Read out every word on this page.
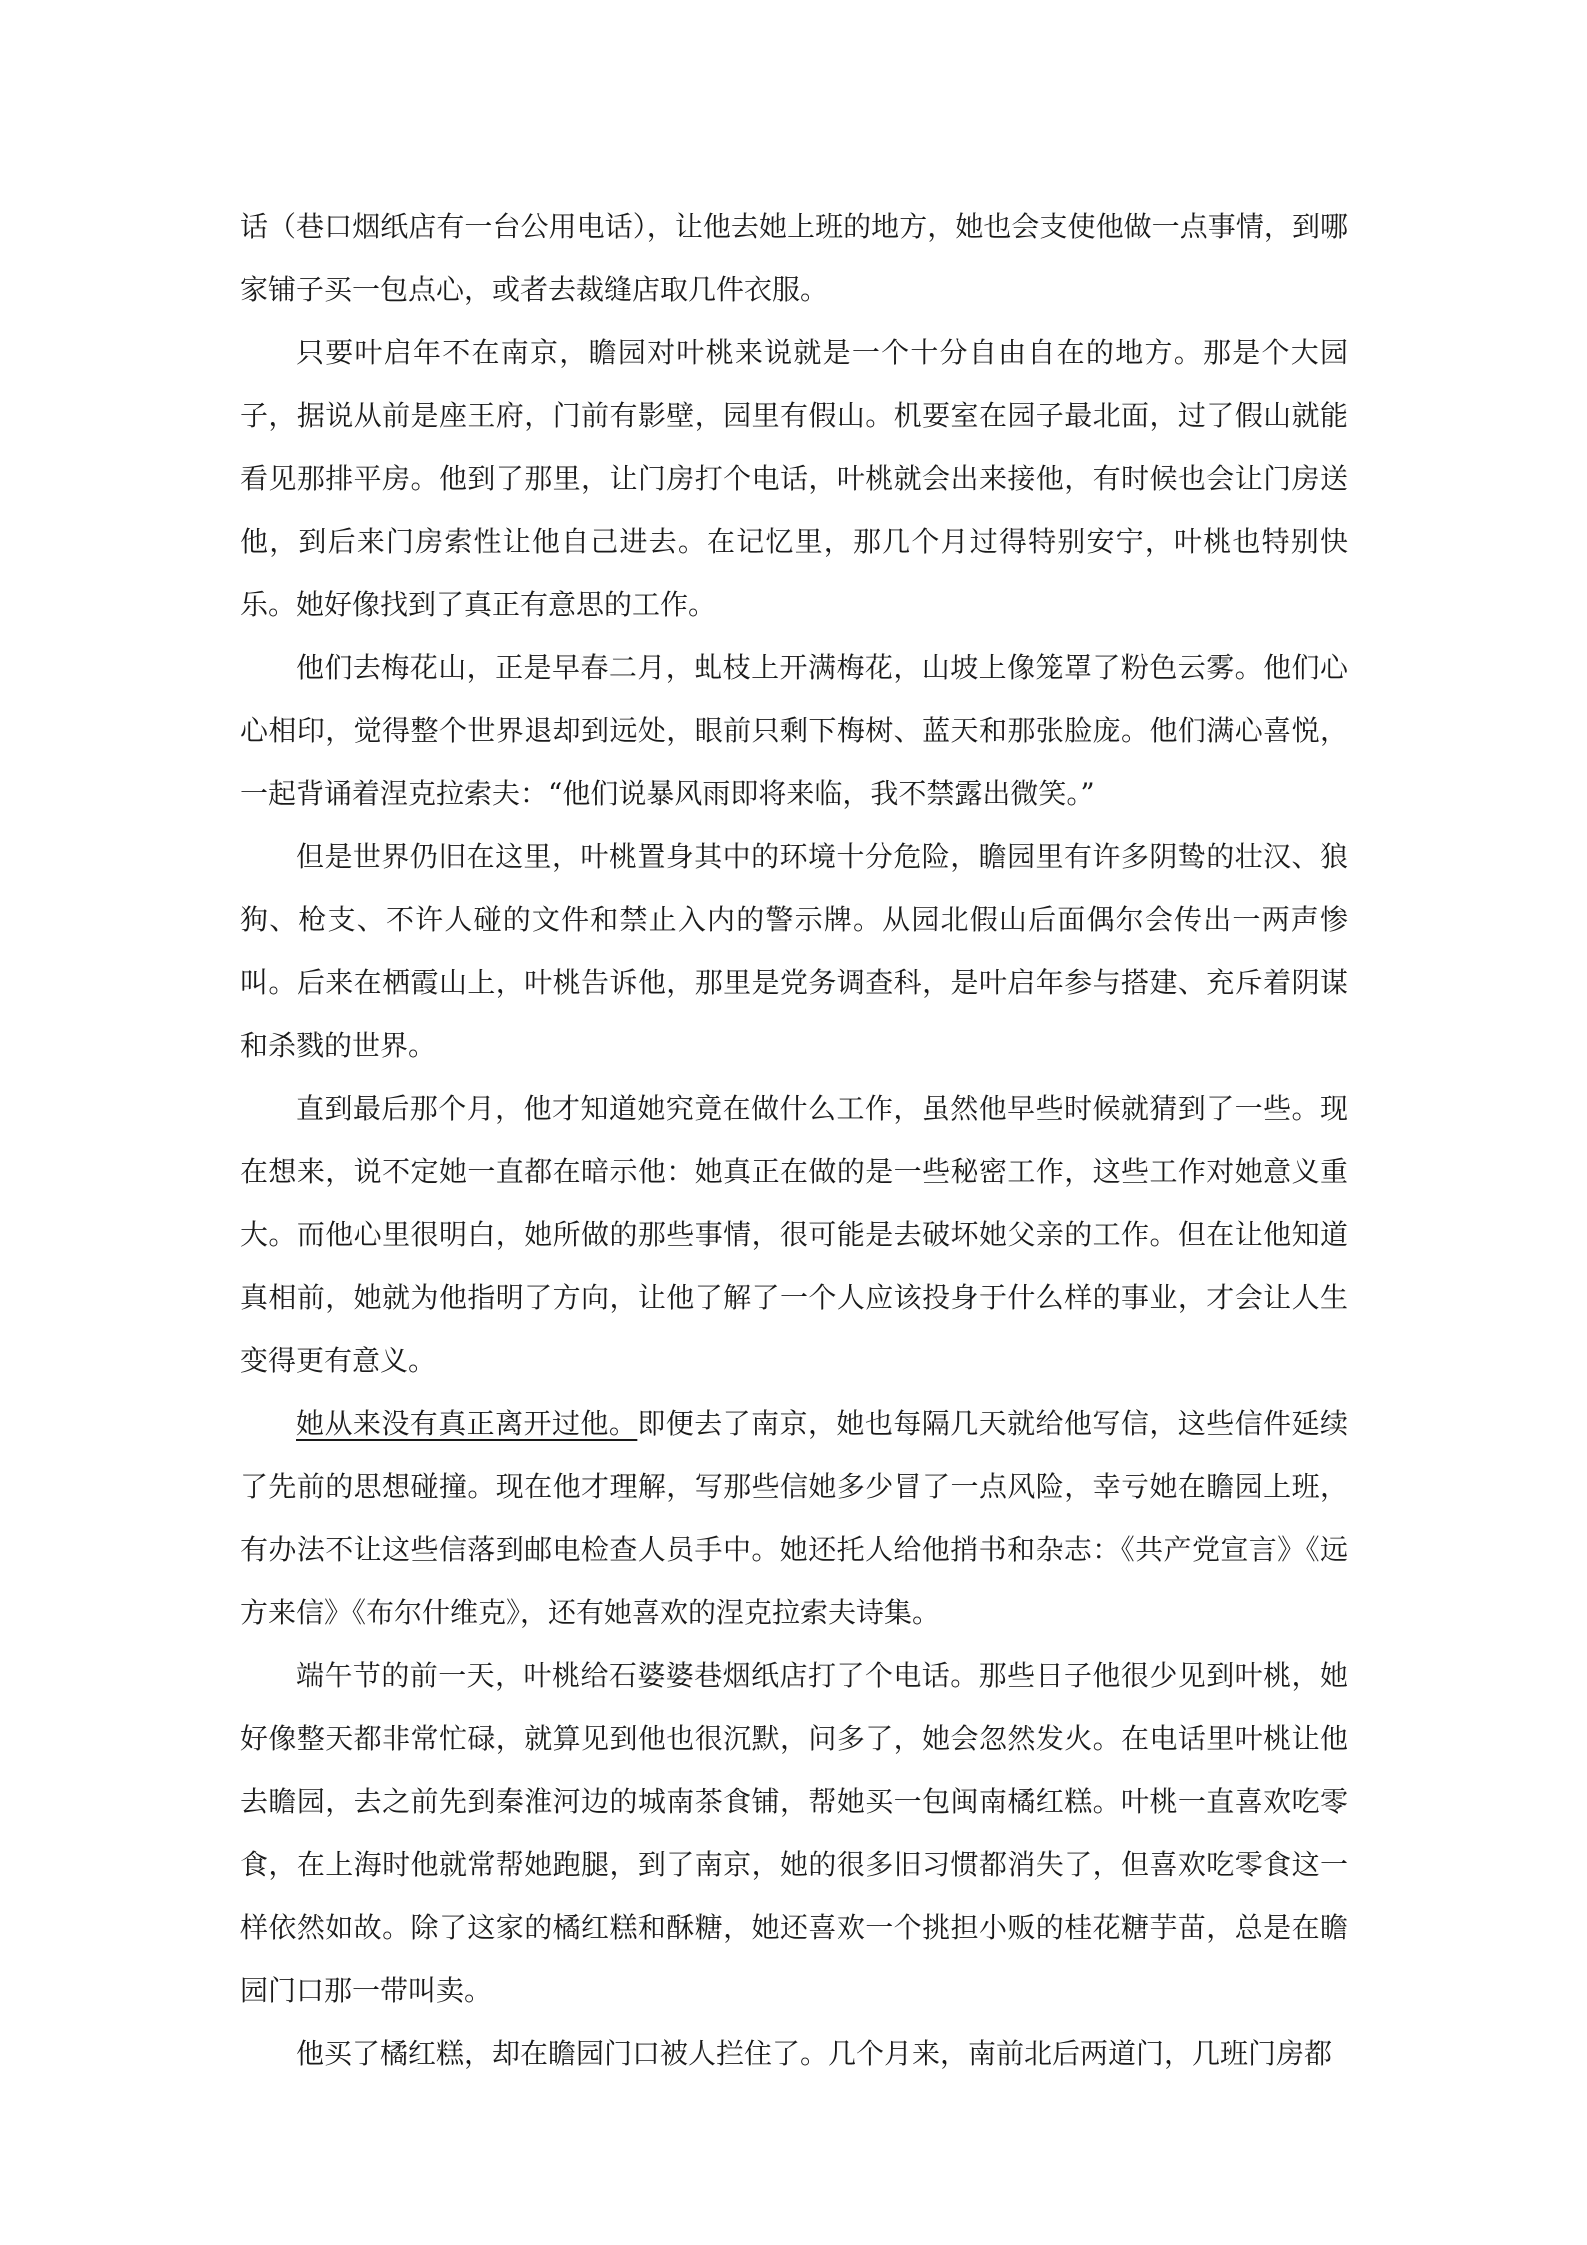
话（巷口烟纸店有一台公用电话），让他去她上班的地方，她也会支使他做一点事情，到哪家铺子买一包点心，或者去裁缝店取几件衣服。

只要叶启年不在南京，瞻园对叶桃来说就是一个十分自由自在的地方。那是个大园子，据说从前是座王府，门前有影壁，园里有假山。机要室在园子最北面，过了假山就能看见那排平房。他到了那里，让门房打个电话，叶桃就会出来接他，有时候也会让门房送他，到后来门房索性让他自己进去。在记忆里，那几个月过得特别安宁，叶桃也特别快乐。她好像找到了真正有意思的工作。

他们去梅花山，正是早春二月，虬枝上开满梅花，山坡上像笼罩了粉色云雾。他们心心相印，觉得整个世界退却到远处，眼前只剩下梅树、蓝天和那张脸庞。他们满心喜悦，一起背诵着涅克拉索夫：“他们说暴风雨即将来临，我不禁露出微笑。”

但是世界仍旧在这里，叶桃置身其中的环境十分危险，瞻园里有许多阴鸷的壮汉、狼狗、枪支、不许人碰的文件和禁止入内的警示牌。从园北假山后面偶尔会传出一两声惨叫。后来在栖霞山上，叶桃告诉他，那里是党务调查科，是叶启年参与搭建、充斥着阴谋和杀戮的世界。

直到最后那个月，他才知道她究竟在做什么工作，虽然他早些时候就猜到了一些。现在想来，说不定她一直都在暗示他：她真正在做的是一些秘密工作，这些工作对她意义重大。而他心里很明白，她所做的那些事情，很可能是去破坏她父亲的工作。但在让他知道真相前，她就为他指明了方向，让他了解了一个人应该投身于什么样的事业，才会让人生变得更有意义。

她从来没有真正离开过他。即便去了南京，她也每隔几天就给他写信，这些信件延续了先前的思想碰撞。现在他才理解，写那些信她多少冒了一点风险，幸亏她在瞻园上班，有办法不让这些信落到邮电检查人员手中。她还托人给他捎书和杂志：《共产党宣言》《远方来信》《布尔什维克》，还有她喜欢的涅克拉索夫诗集。

端午节的前一天，叶桃给石婆婆巷烟纸店打了个电话。那些日子他很少见到叶桃，她好像整天都非常忙碌，就算见到他也很沉默，问多了，她会忽然发火。在电话里叶桃让他去瞻园，去之前先到秦淮河边的城南茶食铺，帮她买一包闽南橘红糕。叶桃一直喜欢吃零食，在上海时他就常帮她跑腿，到了南京，她的很多旧习惯都消失了，但喜欢吃零食这一样依然如故。除了这家的橘红糕和酥糖，她还喜欢一个挑担小贩的桂花糖芋苗，总是在瞻园门口那一带叫卖。

他买了橘红糕，却在瞻园门口被人拦住了。几个月来，南前北后两道门，几班门房都
